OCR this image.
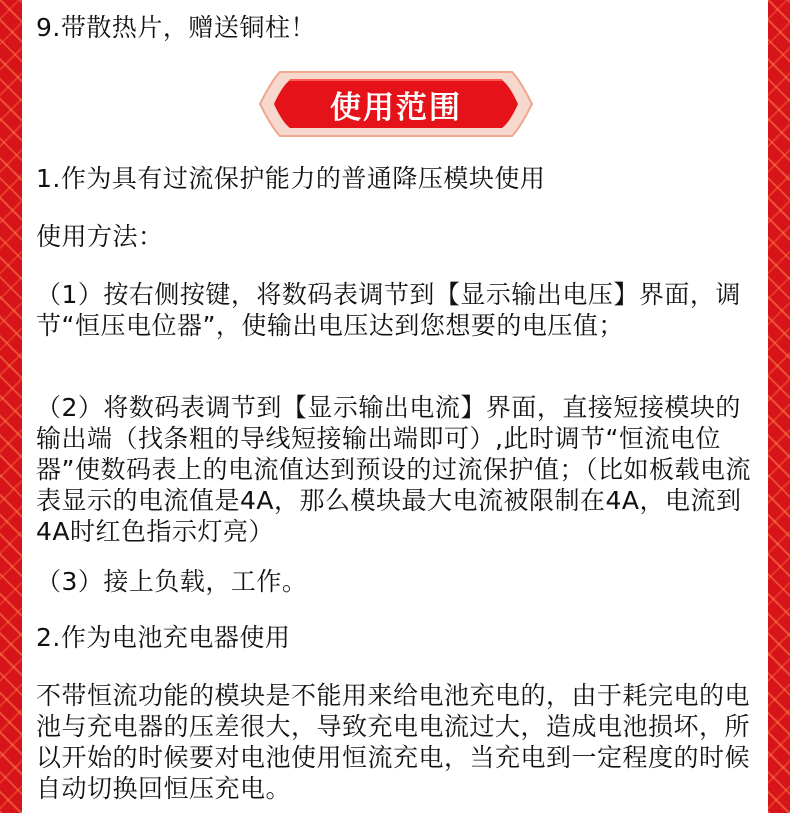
9.带散热片，赠送铜柱！
使用范围
1.作为具有过流保护能力的普通降压模块使用
使用方法：
（1）按右侧按键，将数码表调节到【显示输出电压】界面，调节“恒压电位器”，使输出电压达到您想要的电压值；
（2）将数码表调节到【显示输出电流】界面，直接短接模块的输出端（找条粗的导线短接输出端即可）,此时调节“恒流电位器”使数码表上的电流值达到预设的过流保护值；（比如板载电流表显示的电流值是4A，那么模块最大电流被限制在4A，电流到4A时红色指示灯亮）
（3）接上负载，工作。
2.作为电池充电器使用
不带恒流功能的模块是不能用来给电池充电的，由于耗完电的电池与充电器的压差很大，导致充电电流过大，造成电池损坏，所以开始的时候要对电池使用恒流充电，当充电到一定程度的时候自动切换回恒压充电。
